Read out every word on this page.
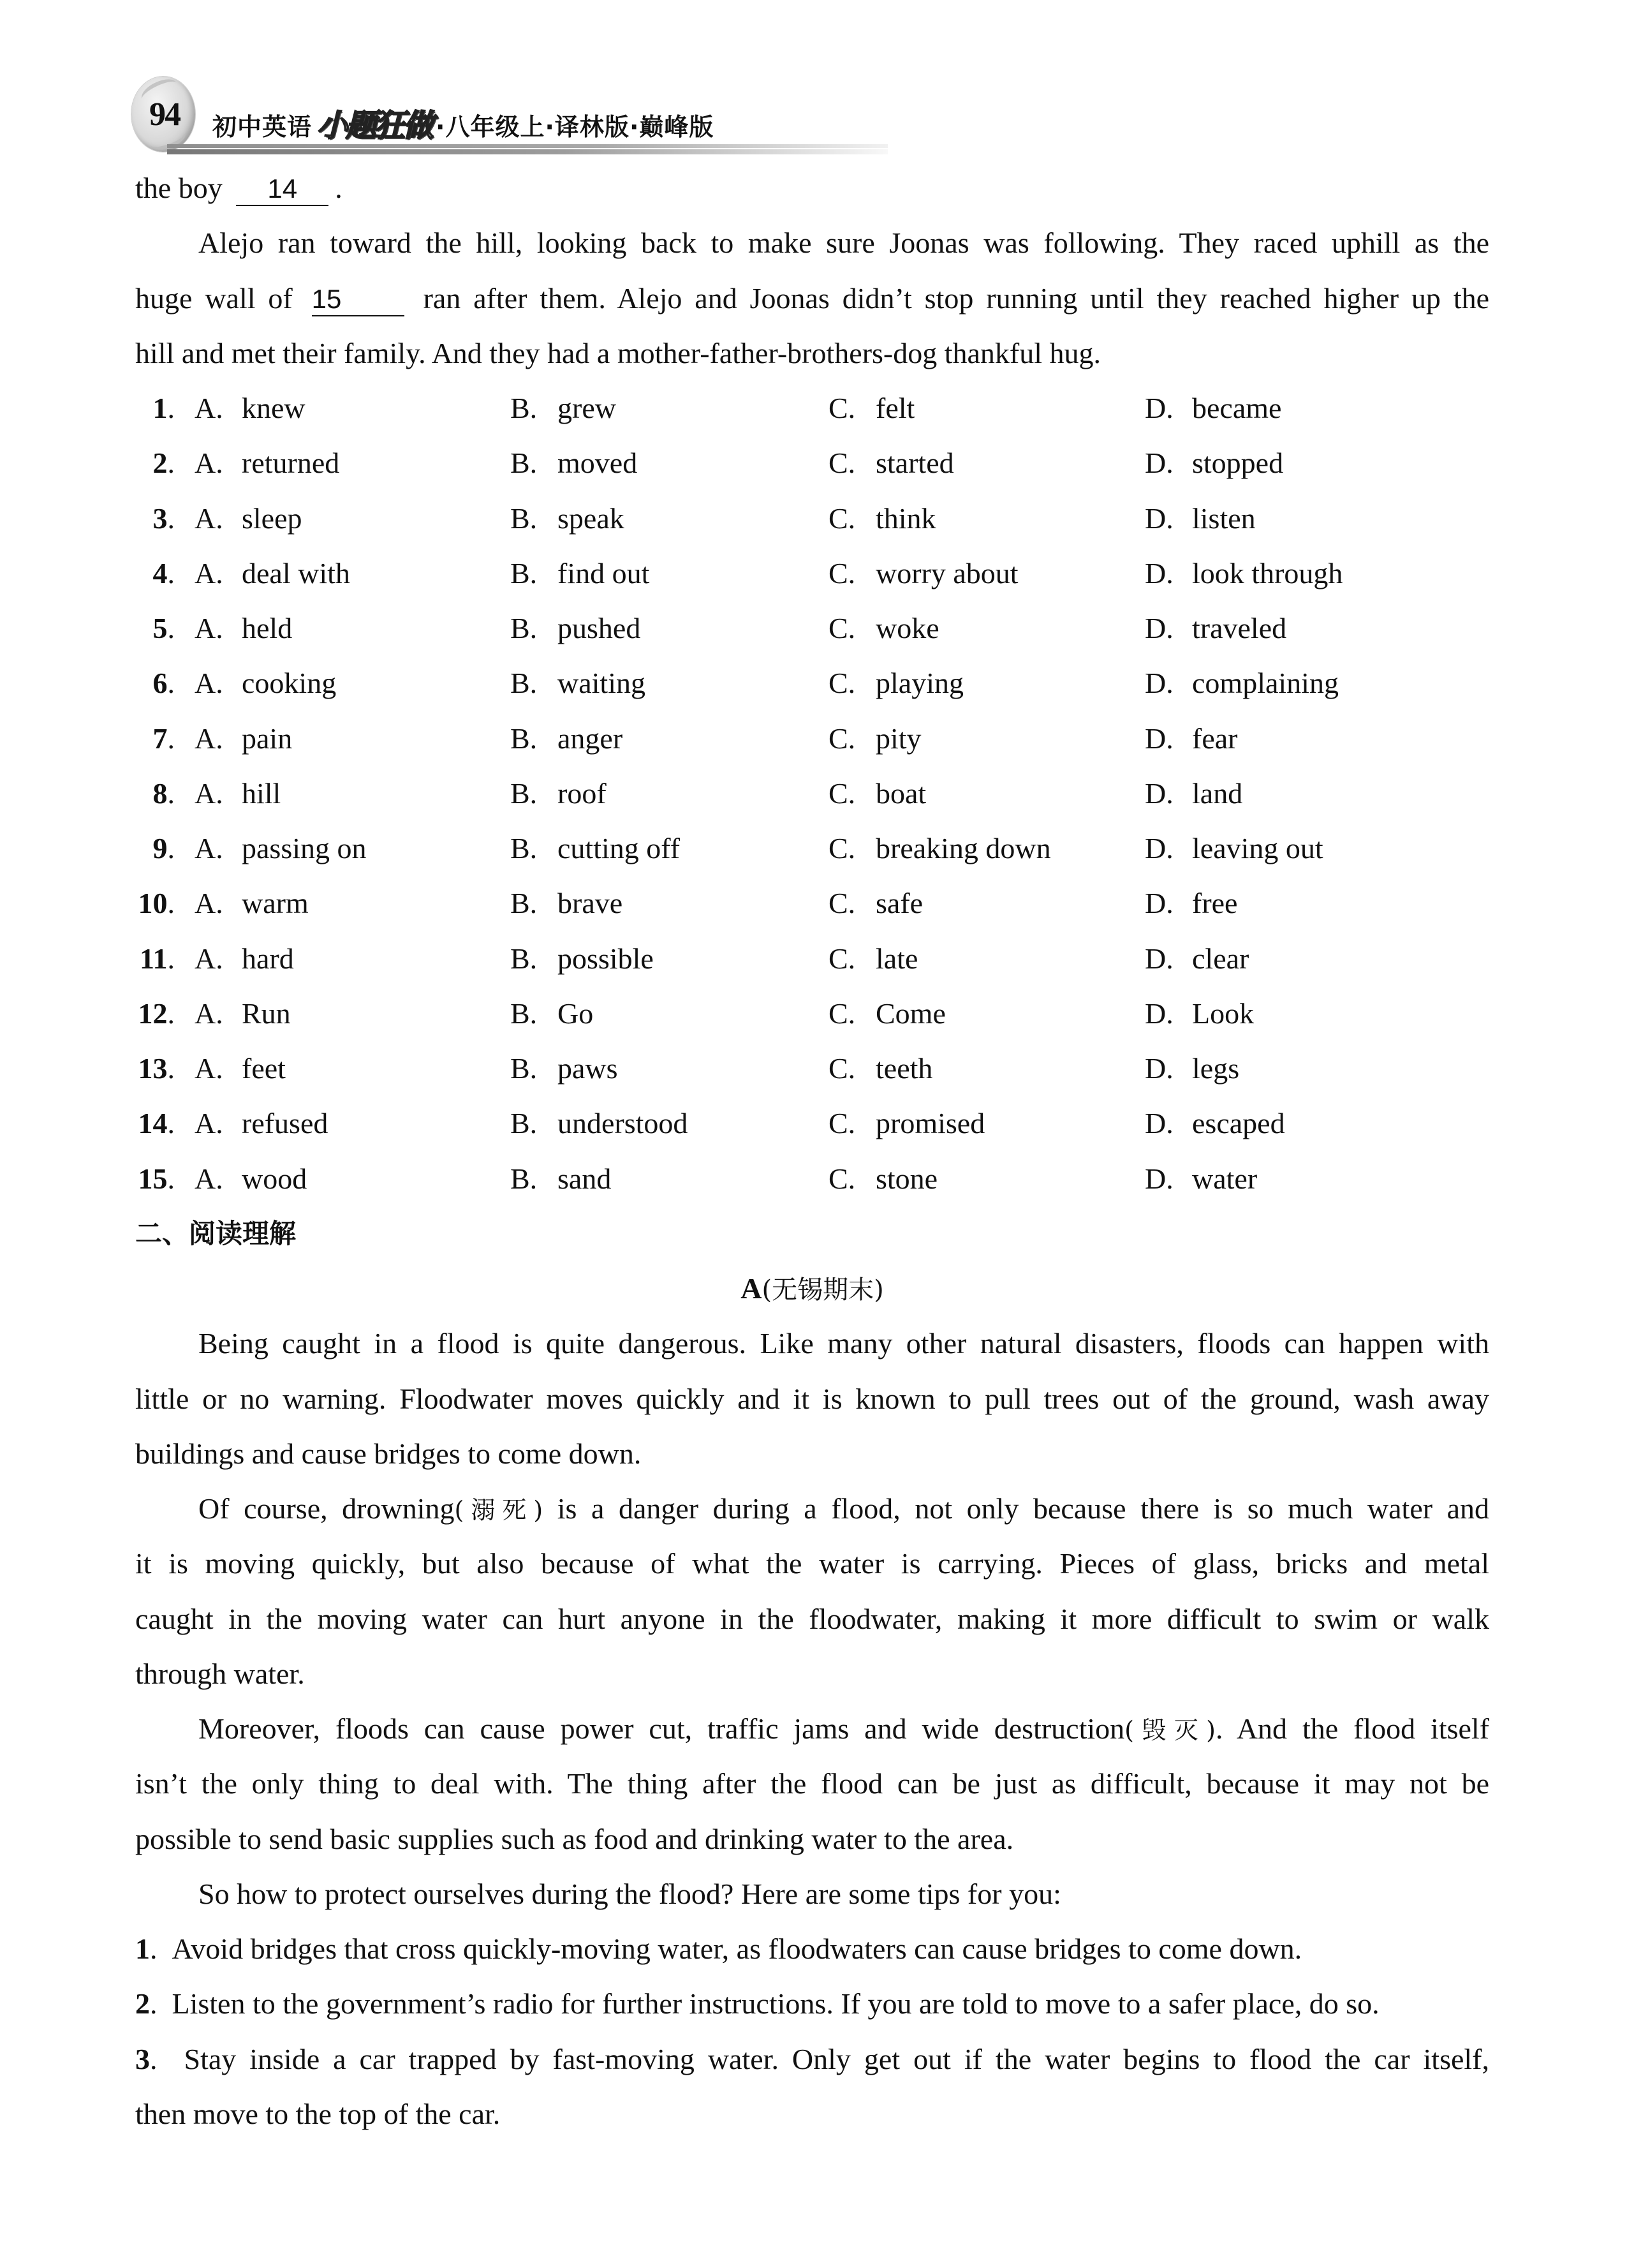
94 初中英语 小题狂做 · 八年级上 · 译林版 · 巅峰版
the boy 14 .
Alejo ran toward the hill, looking back to make sure Joonas was following. They raced uphill as the
huge wall of 15	ran after them. Alejo and Joonas didn’t stop running until they reached higher up the
hill and met their family. And they had a mother-father-brothers-dog thankful hug.
1. A. knew	B. grew	C. felt	D. became
2. A. returned	B. moved	C. started	D. stopped
3. A. sleep	B. speak	C. think	D. listen
4. A. deal with	B. find out	C. worry about	D. look through
5. A. held	B. pushed	C. woke	D. traveled
6. A. cooking	B. waiting	C. playing	D. complaining
7. A. pain	B. anger	C. pity	D. fear
8. A. hill	B. roof	C. boat	D. land
9. A. passing on	B. cutting off	C. breaking down	D. leaving out
10. A. warm	B. brave	C. safe	D. free
11. A. hard	B. possible	C. late	D. clear
12. A. Run	B. Go	C. Come	D. Look
13. A. feet	B. paws	C. teeth	D. legs
14. A. refused	B. understood	C. promised	D. escaped
15. A. wood	B. sand	C. stone	D. water
二、阅读理解
A(无锡期末)
Being caught in a flood is quite dangerous. Like many other natural disasters, floods can happen with
little or no warning. Floodwater moves quickly and it is known to pull trees out of the ground, wash away
buildings and cause bridges to come down.
Of course, drowning(溺死) is a danger during a flood, not only because there is so much water and
it is moving quickly, but also because of what the water is carrying. Pieces of glass, bricks and metal
caught in the moving water can hurt anyone in the floodwater, making it more difficult to swim or walk
through water.
Moreover, floods can cause power cut, traffic jams and wide destruction(毁灭). And the flood itself
isn’t the only thing to deal with. The thing after the flood can be just as difficult, because it may not be
possible to send basic supplies such as food and drinking water to the area.
So how to protect ourselves during the flood? Here are some tips for you:
1.  Avoid bridges that cross quickly-moving water, as floodwaters can cause bridges to come down.
2.  Listen to the government’s radio for further instructions. If you are told to move to a safer place, do so.
3.  Stay inside a car trapped by fast-moving water. Only get out if the water begins to flood the car itself,
then move to the top of the car.
